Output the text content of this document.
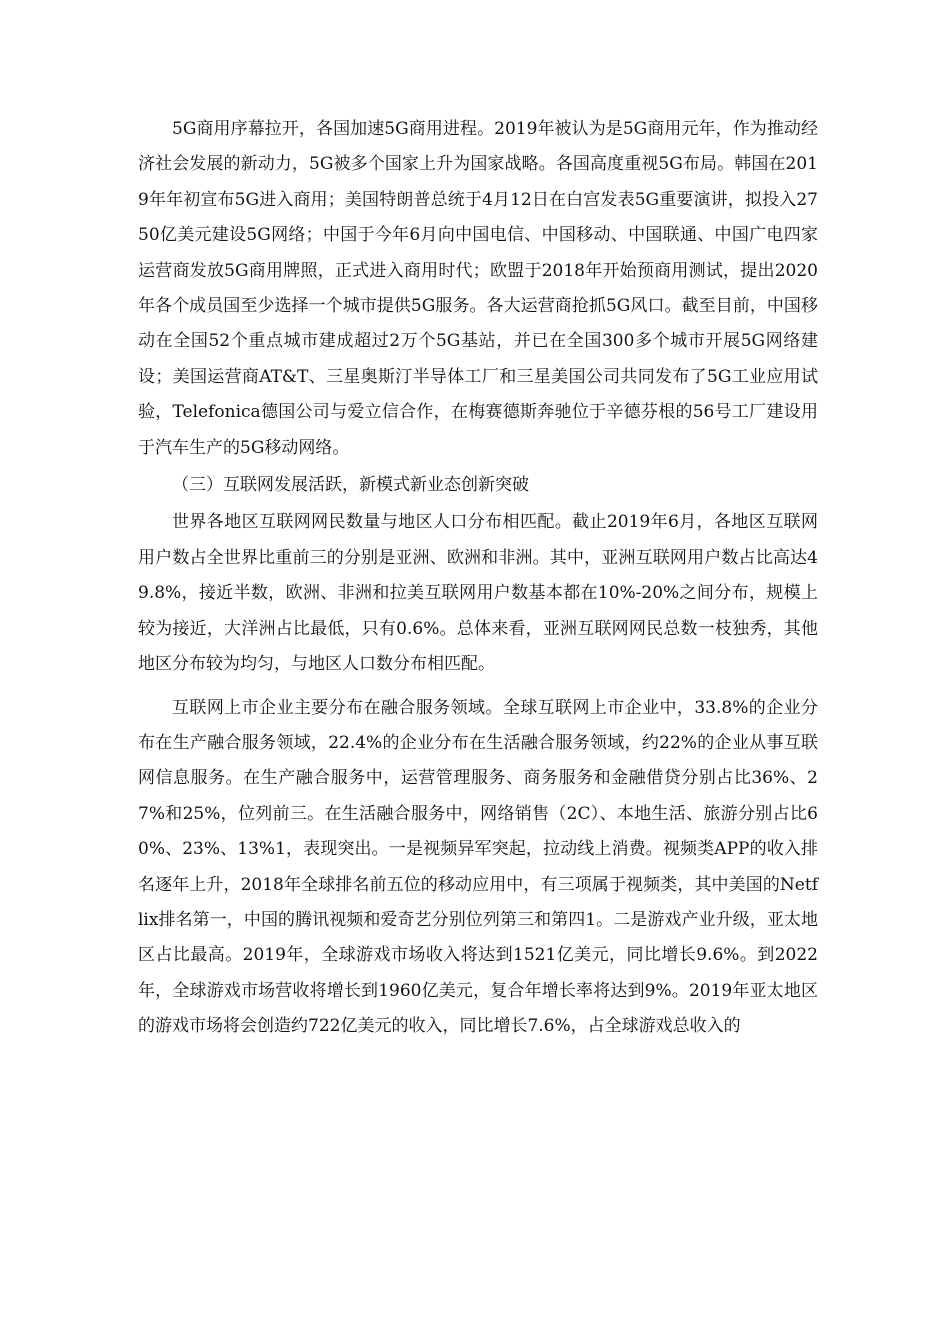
5G商用序幕拉开，各国加速5G商用进程。2019年被认为是5G商用元年，作为推动经济社会发展的新动力，5G被多个国家上升为国家战略。各国高度重视5G布局。韩国在2019年年初宣布5G进入商用；美国特朗普总统于4月12日在白宫发表5G重要演讲，拟投入2750亿美元建设5G网络；中国于今年6月向中国电信、中国移动、中国联通、中国广电四家运营商发放5G商用牌照，正式进入商用时代；欧盟于2018年开始预商用测试，提出2020年各个成员国至少选择一个城市提供5G服务。各大运营商抢抓5G风口。截至目前，中国移动在全国52个重点城市建成超过2万个5G基站，并已在全国300多个城市开展5G网络建设；美国运营商AT&T、三星奥斯汀半导体工厂和三星美国公司共同发布了5G工业应用试验，Telefonica德国公司与爱立信合作，在梅赛德斯奔驰位于辛德芬根的56号工厂建设用于汽车生产的5G移动网络。

（三）互联网发展活跃，新模式新业态创新突破

世界各地区互联网网民数量与地区人口分布相匹配。截止2019年6月，各地区互联网用户数占全世界比重前三的分别是亚洲、欧洲和非洲。其中，亚洲互联网用户数占比高达49.8%，接近半数，欧洲、非洲和拉美互联网用户数基本都在10%-20%之间分布，规模上较为接近，大洋洲占比最低，只有0.6%。总体来看，亚洲互联网网民总数一枝独秀，其他地区分布较为均匀，与地区人口数分布相匹配。

互联网上市企业主要分布在融合服务领域。全球互联网上市企业中，33.8%的企业分布在生产融合服务领域，22.4%的企业分布在生活融合服务领域，约22%的企业从事互联网信息服务。在生产融合服务中，运营管理服务、商务服务和金融借贷分别占比36%、27%和25%，位列前三。在生活融合服务中，网络销售（2C）、本地生活、旅游分别占比60%、23%、13%1，表现突出。一是视频异军突起，拉动线上消费。视频类APP的收入排名逐年上升，2018年全球排名前五位的移动应用中，有三项属于视频类，其中美国的Netflix排名第一，中国的腾讯视频和爱奇艺分别位列第三和第四1。二是游戏产业升级，亚太地区占比最高。2019年，全球游戏市场收入将达到1521亿美元，同比增长9.6%。到2022年，全球游戏市场营收将增长到1960亿美元，复合年增长率将达到9%。2019年亚太地区的游戏市场将会创造约722亿美元的收入，同比增长7.6%，占全球游戏总收入的
